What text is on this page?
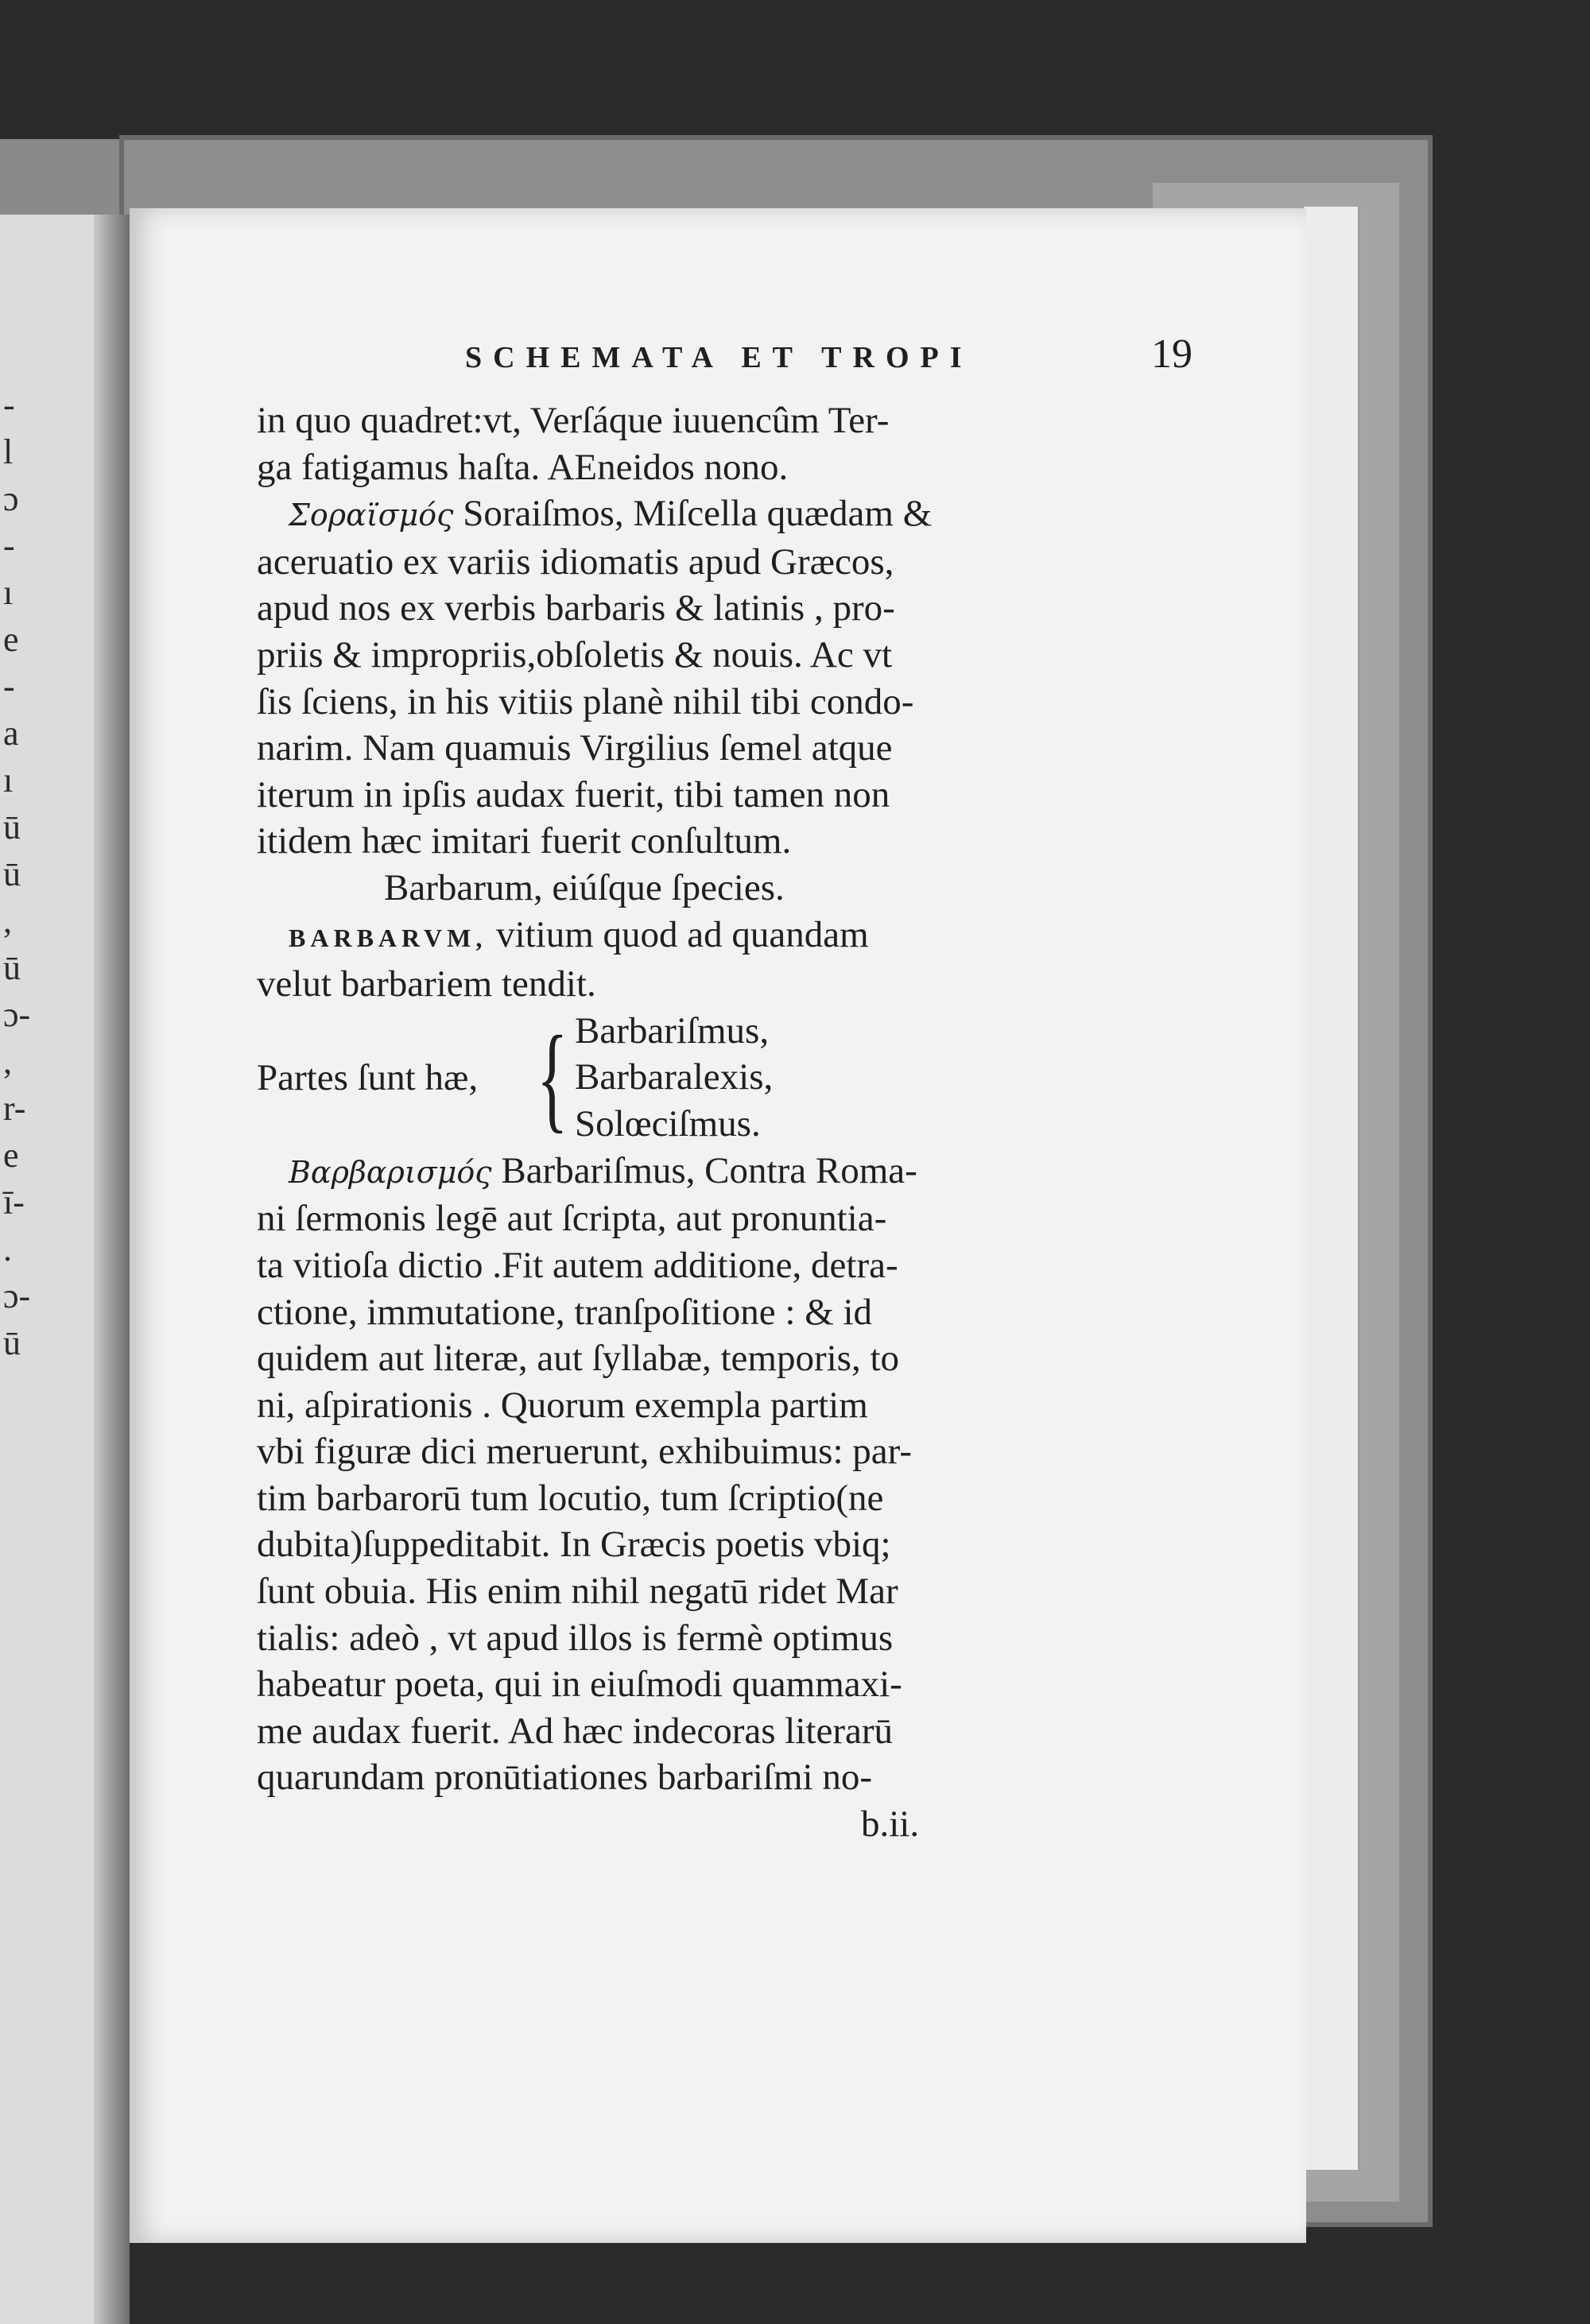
-
l
ɔ
-
ı
e
-
a
ı
ū
ū
,
ū
ɔ-
,
r-
e
ī-
.
ɔ-
ū
SCHEMATA ET TROPI	19
in quo quadret:vt, Verſáque iuuencûm Ter-
ga fatigamus haſta. AEneidos nono.
Σοραϊσμός Soraiſmos, Miſcella quædam &
aceruatio ex variis idiomatis apud Græcos,
apud nos ex verbis barbaris & latinis , pro-
priis & impropriis,obſoletis & nouis. Ac vt
ſis ſciens, in his vitiis planè nihil tibi condo-
narim. Nam quamuis Virgilius ſemel atque
iterum in ipſis audax fuerit, tibi tamen non
itidem hæc imitari fuerit conſultum.
Barbarum, eiúſque ſpecies.
BARBARVM, vitium quod ad quandam
velut barbariem tendit.
Partes ſunt hæ, { Barbariſmus,
Barbaralexis,
Solœciſmus.
Βαρβαρισμός Barbariſmus, Contra Roma-
ni ſermonis legē aut ſcripta, aut pronuntia-
ta vitioſa dictio .Fit autem additione, detra-
ctione, immutatione, tranſpoſitione : & id
quidem aut literæ, aut ſyllabæ, temporis, to
ni, aſpirationis . Quorum exempla partim
vbi figuræ dici meruerunt, exhibuimus: par-
tim barbarorū tum locutio, tum ſcriptio(ne
dubita)ſuppeditabit. In Græcis poetis vbiq;
ſunt obuia. His enim nihil negatū ridet Mar
tialis: adeò , vt apud illos is fermè optimus
habeatur poeta, qui in eiuſmodi quammaxi-
me audax fuerit. Ad hæc indecoras literarū
quarundam pronūtiationes barbariſmi no-
b.ii.
